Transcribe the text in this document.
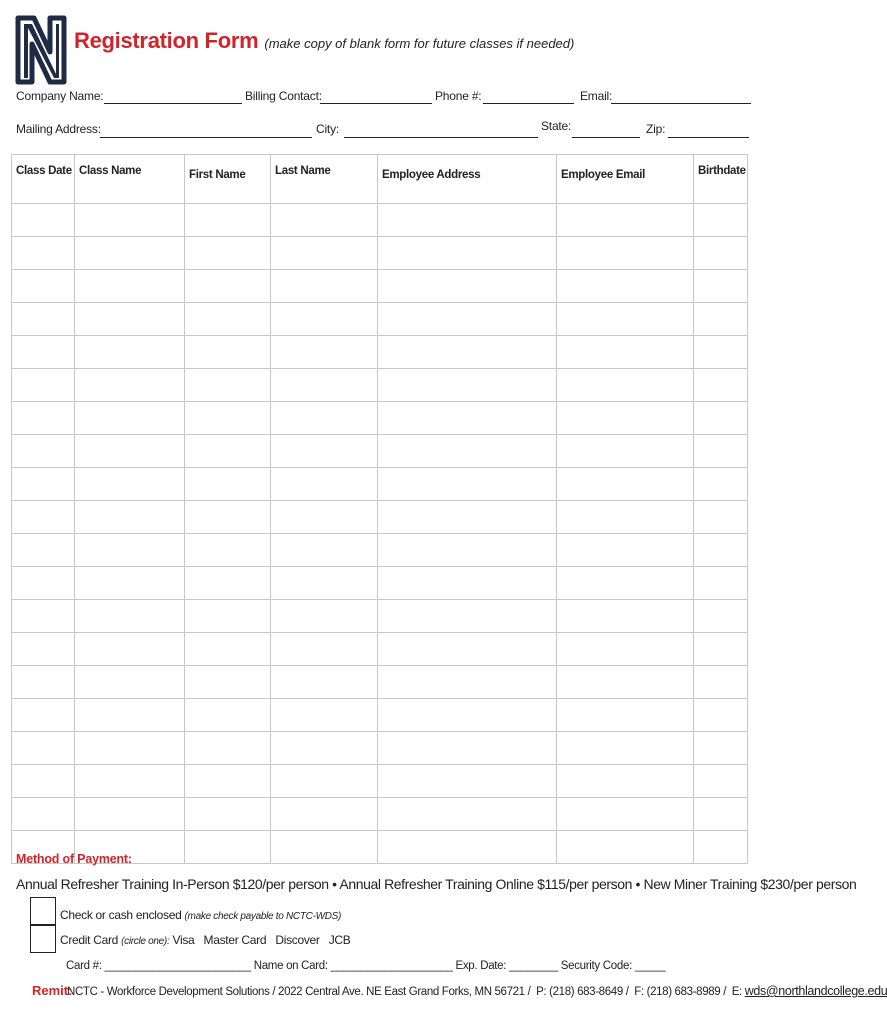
Registration Form (make copy of blank form for future classes if needed)
Company Name:	Billing Contact:	Phone #:	Email:
Mailing Address:	City:	State:	Zip:
Class Date	Class Name	First Name	Last Name	Employee Address	Employee Email	Birthdate

Method of Payment:
Annual Refresher Training In-Person $120/per person • Annual Refresher Training Online $115/per person • New Miner Training $230/per person
Check or cash enclosed (make check payable to NCTC-WDS)
Credit Card (circle one): Visa   Master Card   Discover   JCB
Card #: ________________________ Name on Card: ____________________ Exp. Date: ________ Security Code: _____
Remit:
NCTC - Workforce Development Solutions / 2022 Central Ave. NE East Grand Forks, MN 56721 /  P: (218) 683-8649 /  F: (218) 683-8989 /  E: wds@northlandcollege.edu
